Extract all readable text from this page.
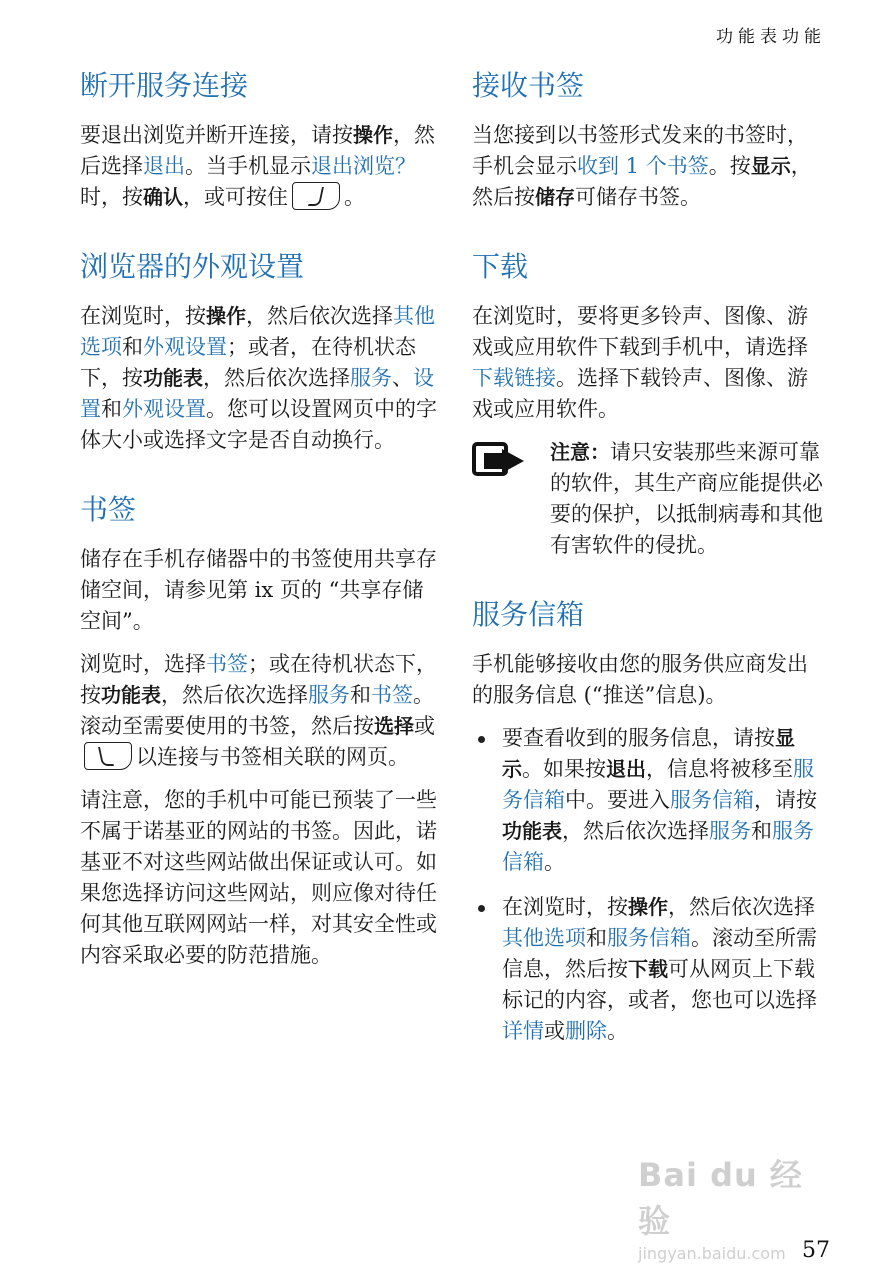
功能表功能
断开服务连接

要退出浏览并断开连接，请按操作，然后选择退出。当手机显示退出浏览？时，按确认，或可按住	。

浏览器的外观设置

在浏览时，按操作，然后依次选择其他选项和外观设置；或者，在待机状态下，按功能表，然后依次选择服务、设置和外观设置。您可以设置网页中的字体大小或选择文字是否自动换行。

书签

储存在手机存储器中的书签使用共享存储空间，请参见第 ix 页的 “共享存储空间”。

浏览时，选择书签；或在待机状态下，按功能表，然后依次选择服务和书签。滚动至需要使用的书签，然后按选择或以连接与书签相关联的网页。

请注意，您的手机中可能已预装了一些不属于诺基亚的网站的书签。因此，诺基亚不对这些网站做出保证或认可。如果您选择访问这些网站，则应像对待任何其他互联网网站一样，对其安全性或内容采取必要的防范措施。

接收书签

当您接到以书签形式发来的书签时，手机会显示收到 1 个书签。按显示，然后按储存可储存书签。

下载

在浏览时，要将更多铃声、图像、游戏或应用软件下载到手机中，请选择下载链接。选择下载铃声、图像、游戏或应用软件。

注意：请只安装那些来源可靠的软件，其生产商应能提供必要的保护，以抵制病毒和其他有害软件的侵扰。

服务信箱

手机能够接收由您的服务供应商发出的服务信息 (“推送”信息)。

要查看收到的服务信息，请按显示。如果按退出，信息将被移至服务信箱中。要进入服务信箱，请按功能表，然后依次选择服务和服务信箱。
在浏览时，按操作，然后依次选择其他选项和服务信箱。滚动至所需信息，然后按下载可从网页上下载标记的内容，或者，您也可以选择详情或删除。
Bai du 经验
jingyan.baidu.com 57
